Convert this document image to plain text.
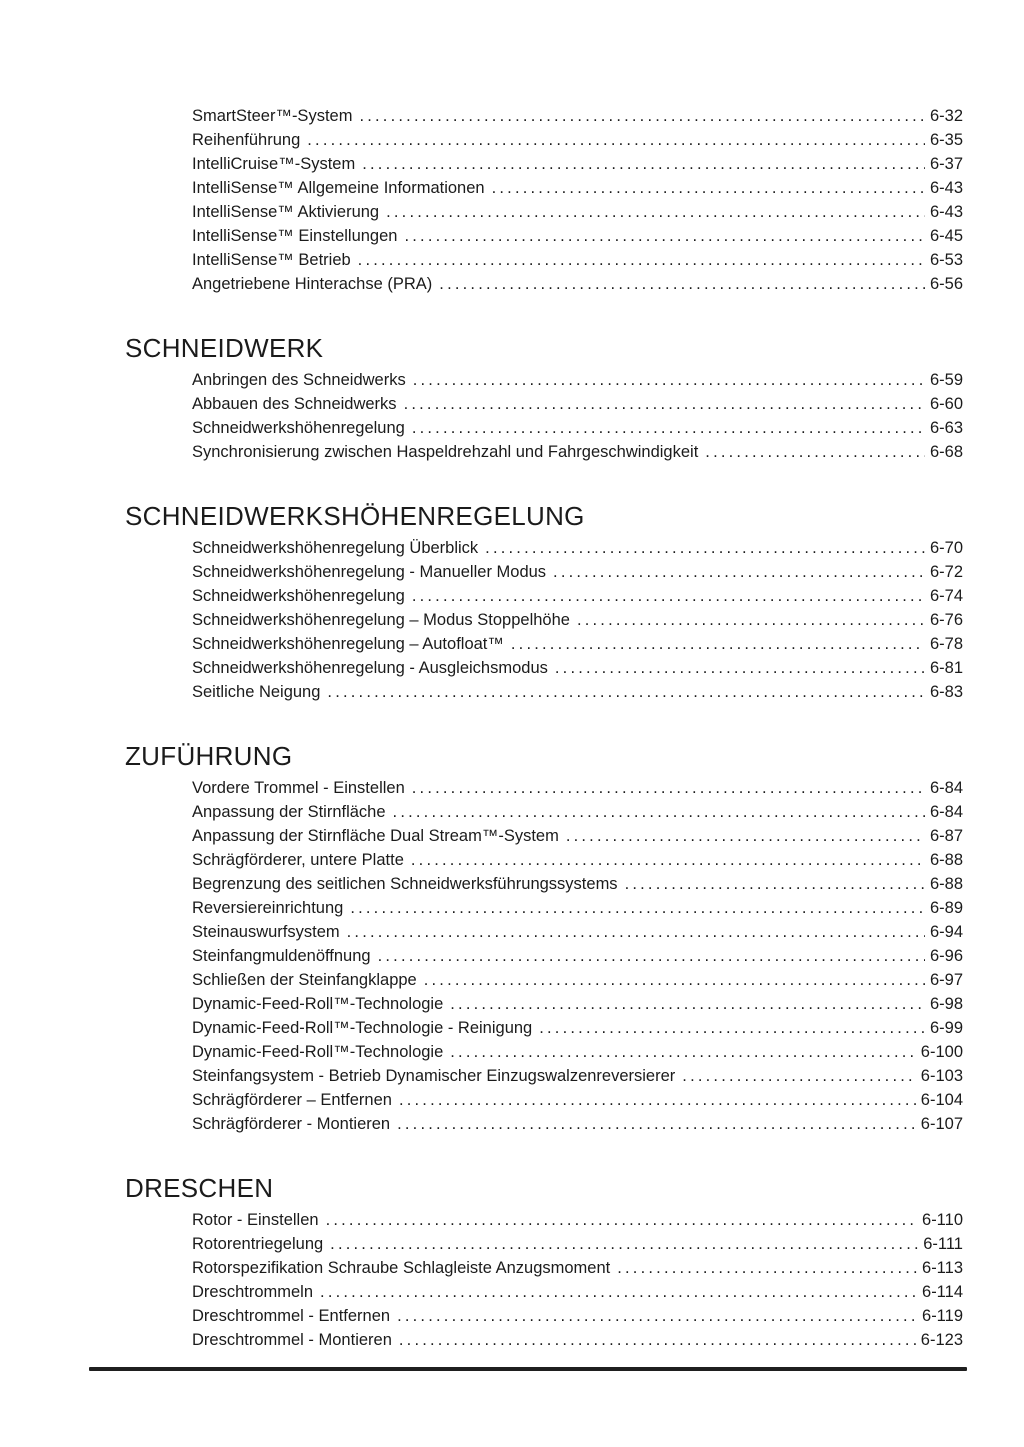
SmartSteer™-System .....	6-32
Reihenführung .....	6-35
IntelliCruise™-System .....	6-37
IntelliSense™ Allgemeine Informationen .....	6-43
IntelliSense™ Aktivierung .....	6-43
IntelliSense™ Einstellungen .....	6-45
IntelliSense™ Betrieb .....	6-53
Angetriebene Hinterachse (PRA) .....	6-56
SCHNEIDWERK
Anbringen des Schneidwerks .....	6-59
Abbauen des Schneidwerks .....	6-60
Schneidwerkshöhenregelung .....	6-63
Synchronisierung zwischen Haspeldrehzahl und Fahrgeschwindigkeit .....	6-68
SCHNEIDWERKSHÖHENREGELUNG
Schneidwerkshöhenregelung Überblick .....	6-70
Schneidwerkshöhenregelung - Manueller Modus .....	6-72
Schneidwerkshöhenregelung .....	6-74
Schneidwerkshöhenregelung – Modus Stoppelhöhe .....	6-76
Schneidwerkshöhenregelung – Autofloat™ .....	6-78
Schneidwerkshöhenregelung - Ausgleichsmodus .....	6-81
Seitliche Neigung .....	6-83
ZUFÜHRUNG
Vordere Trommel - Einstellen .....	6-84
Anpassung der Stirnfläche .....	6-84
Anpassung der Stirnfläche Dual Stream™-System .....	6-87
Schrägförderer, untere Platte .....	6-88
Begrenzung des seitlichen Schneidwerksführungssystems .....	6-88
Reversiereinrichtung .....	6-89
Steinauswurfsystem .....	6-94
Steinfangmuldenöffnung .....	6-96
Schließen der Steinfangklappe .....	6-97
Dynamic-Feed-Roll™-Technologie .....	6-98
Dynamic-Feed-Roll™-Technologie - Reinigung .....	6-99
Dynamic-Feed-Roll™-Technologie .....	6-100
Steinfangsystem - Betrieb Dynamischer Einzugswalzenreversierer .....	6-103
Schrägförderer – Entfernen .....	6-104
Schrägförderer - Montieren .....	6-107
DRESCHEN
Rotor - Einstellen .....	6-110
Rotorentriegelung .....	6-111
Rotorspezifikation Schraube Schlagleiste Anzugsmoment .....	6-113
Dreschtrommeln .....	6-114
Dreschtrommel - Entfernen .....	6-119
Dreschtrommel - Montieren .....	6-123
